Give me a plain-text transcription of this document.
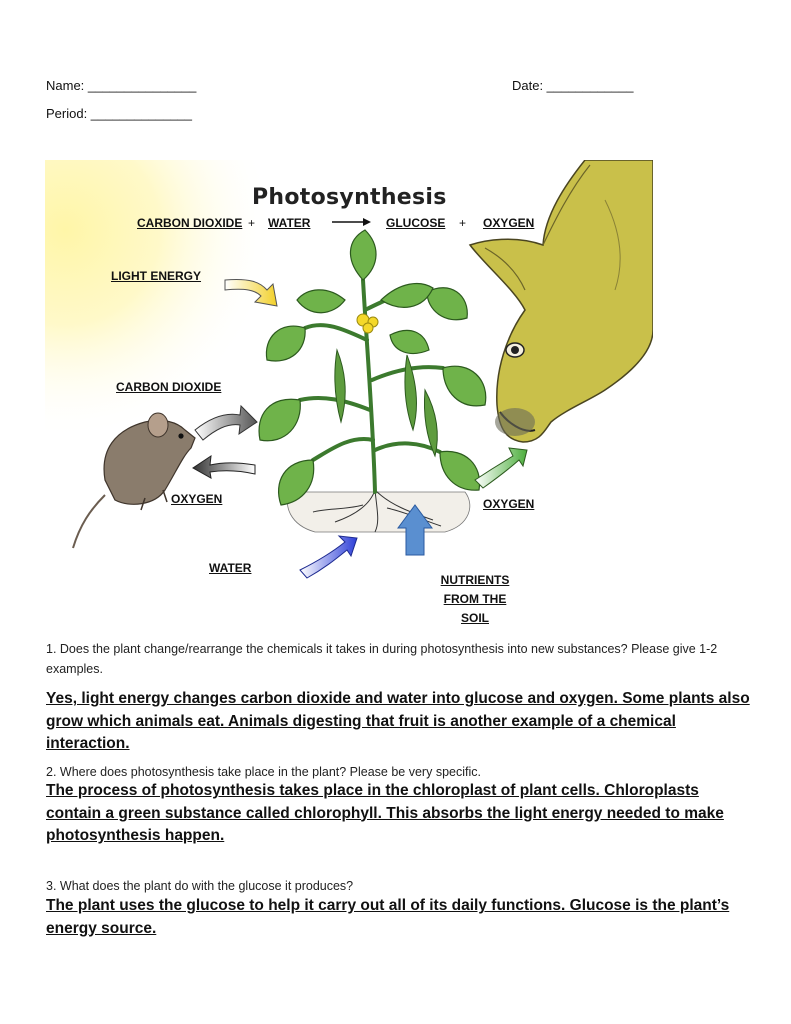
Name: _______________	Date: ____________
Period: ______________
Photosynthesis
CARBON DIOXIDE + WATER	GLUCOSE + OXYGEN
LIGHT ENERGY
CARBON DIOXIDE
OXYGEN	OXYGEN
WATER
NUTRIENTS
FROM THE
SOIL
1. Does the plant change/rearrange the chemicals it takes in during photosynthesis into new substances? Please give 1-2 examples.
Yes, light energy changes carbon dioxide and water into glucose and oxygen. Some plants also grow which animals eat. Animals digesting that fruit is another example of a chemical interaction.
2. Where does photosynthesis take place in the plant? Please be very specific.
The process of photosynthesis takes place in the chloroplast of plant cells. Chloroplasts contain a green substance called chlorophyll. This absorbs the light energy needed to make photosynthesis happen.
3. What does the plant do with the glucose it produces?
The plant uses the glucose to help it carry out all of its daily functions. Glucose is the plant’s energy source.
